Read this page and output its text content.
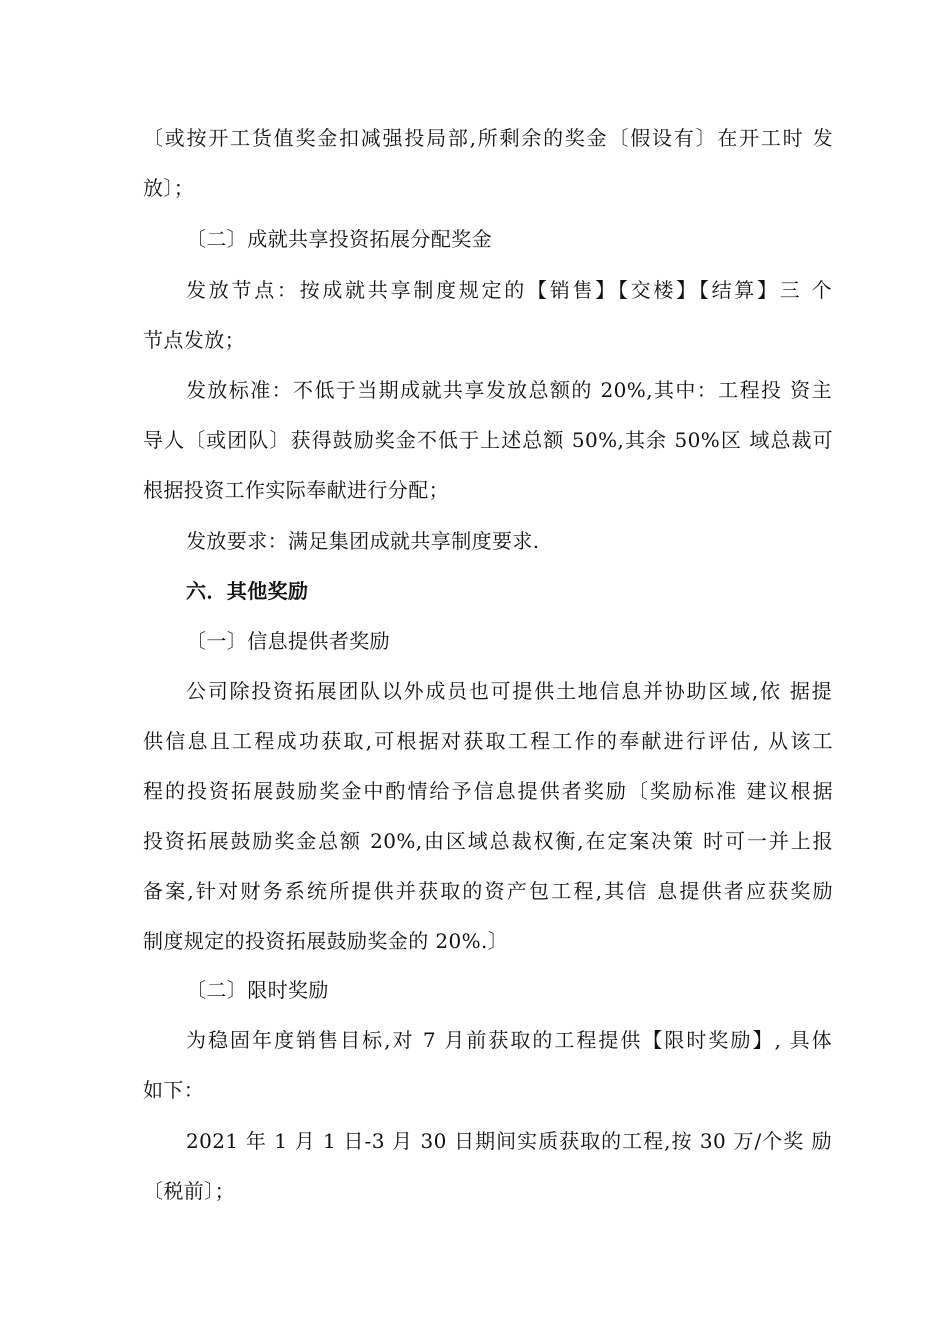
〔或按开工货值奖金扣减强投局部,所剩余的奖金〔假设有〕在开工时 发
放〕；
〔二〕成就共享投资拓展分配奖金
发放节点：按成就共享制度规定的【销售】【交楼】【结算】三 个
节点发放；
发放标准：不低于当期成就共享发放总额的 20%,其中：工程投 资主
导人〔或团队〕获得鼓励奖金不低于上述总额 50%,其余 50%区 域总裁可
根据投资工作实际奉献进行分配；
发放要求：满足集团成就共享制度要求.
六．其他奖励
〔一〕信息提供者奖励
公司除投资拓展团队以外成员也可提供土地信息并协助区域,依 据提
供信息且工程成功获取,可根据对获取工程工作的奉献进行评估, 从该工
程的投资拓展鼓励奖金中酌情给予信息提供者奖励〔奖励标准 建议根据
投资拓展鼓励奖金总额 20%,由区域总裁权衡,在定案决策 时可一并上报
备案,针对财务系统所提供并获取的资产包工程,其信 息提供者应获奖励
制度规定的投资拓展鼓励奖金的 20%.〕
〔二〕限时奖励
为稳固年度销售目标,对 7 月前获取的工程提供【限时奖励】, 具体
如下：
2021 年 1 月 1 日-3 月 30 日期间实质获取的工程,按 30 万/个奖 励
〔税前〕；
